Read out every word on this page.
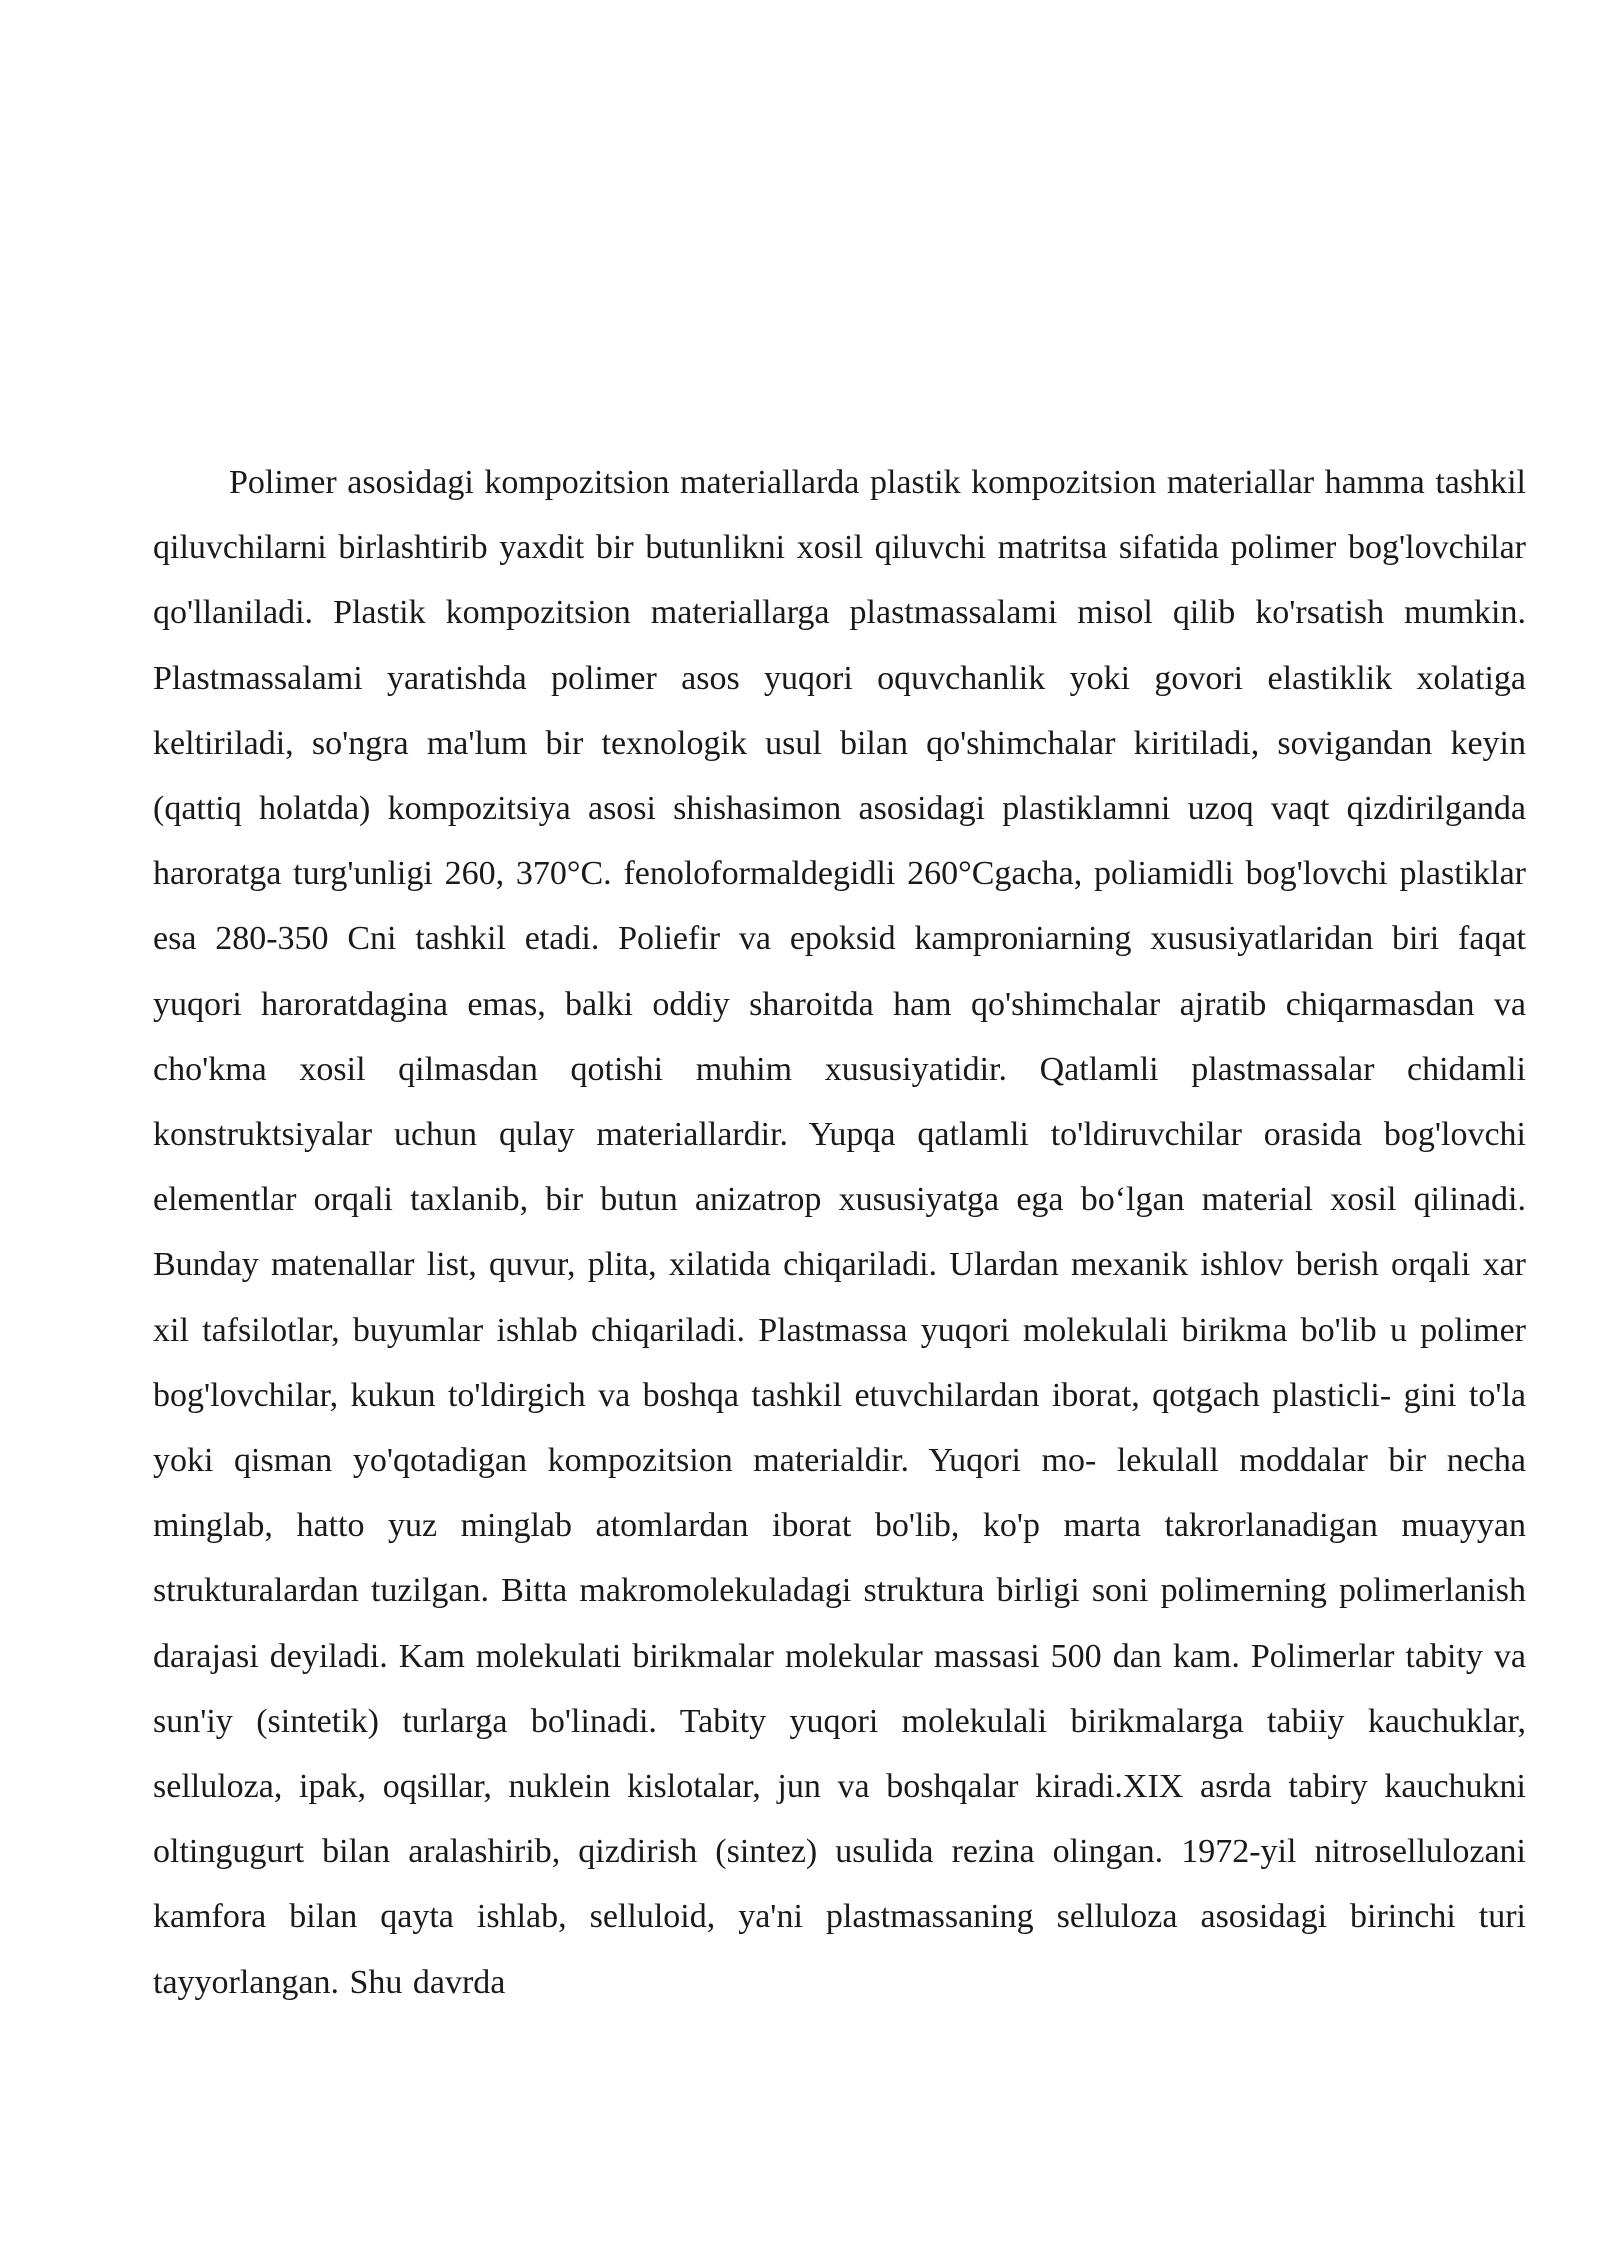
Polimer asosidagi kompozitsion materiallarda plastik kompozitsion materiallar hamma tashkil qiluvchilarni birlashtirib yaxdit bir butunlikni xosil qiluvchi matritsa sifatida polimer bog'lovchilar qo'llaniladi. Plastik kompozitsion materiallarga plastmassalami misol qilib ko'rsatish mumkin. Plastmassalami yaratishda polimer asos yuqori oquvchanlik yoki govori elastiklik xolatiga keltiriladi, so'ngra ma'lum bir texnologik usul bilan qo'shimchalar kiritiladi, sovigandan keyin (qattiq holatda) kompozitsiya asosi shishasimon asosidagi plastiklamni uzoq vaqt qizdirilganda haroratga turg'unligi 260, 370°C. fenoloformaldegidli 260°Cgacha, poliamidli bog'lovchi plastiklar esa 280-350 Cni tashkil etadi. Poliefir va epoksid kamproniarning xususiyatlaridan biri faqat yuqori haroratdagina emas, balki oddiy sharoitda ham qo'shimchalar ajratib chiqarmasdan va cho'kma xosil qilmasdan qotishi muhim xususiyatidir. Qatlamli plastmassalar chidamli konstruktsiyalar uchun qulay materiallardir. Yupqa qatlamli to'ldiruvchilar orasida bog'lovchi elementlar orqali taxlanib, bir butun anizatrop xususiyatga ega bo‘lgan material xosil qilinadi. Bunday matenallar list, quvur, plita, xilatida chiqariladi. Ulardan mexanik ishlov berish orqali xar xil tafsilotlar, buyumlar ishlab chiqariladi. Plastmassa yuqori molekulali birikma bo'lib u polimer bog'lovchilar, kukun to'ldirgich va boshqa tashkil etuvchilardan iborat, qotgach plasticli- gini to'la yoki qisman yo'qotadigan kompozitsion materialdir. Yuqori mo- lekulall moddalar bir necha minglab, hatto yuz minglab atomlardan iborat bo'lib, ko'p marta takrorlanadigan muayyan strukturalardan tuzilgan. Bitta makromolekuladagi struktura birligi soni polimerning polimerlanish darajasi deyiladi. Kam molekulati birikmalar molekular massasi 500 dan kam. Polimerlar tabity va sun'iy (sintetik) turlarga bo'linadi. Tabity yuqori molekulali birikmalarga tabiiy kauchuklar, selluloza, ipak, oqsillar, nuklein kislotalar, jun va boshqalar kiradi.XIX asrda tabiry kauchukni oltingugurt bilan aralashirib, qizdirish (sintez) usulida rezina olingan. 1972-yil nitrosellulozani kamfora bilan qayta ishlab, selluloid, ya'ni plastmassaning selluloza asosidagi birinchi turi tayyorlangan. Shu davrda
